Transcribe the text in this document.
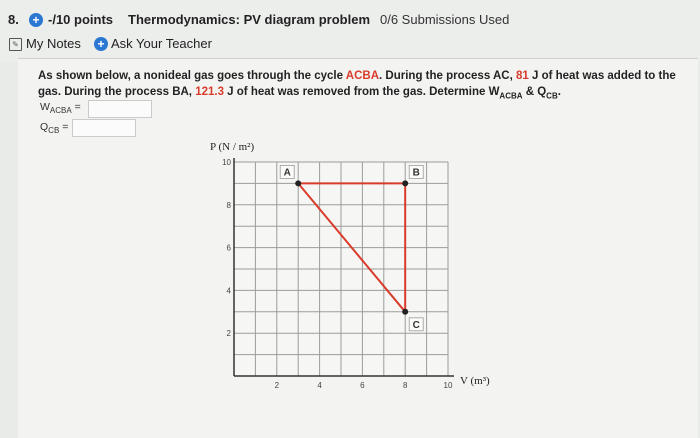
8. + -/10 points Thermodynamics: PV diagram problem 0/6 Submissions Used
✎ My Notes + Ask Your Teacher
As shown below, a nonideal gas goes through the cycle ACBA. During the process AC, 81 J of heat was added to the gas. During the process BA, 121.3 J of heat was removed from the gas. Determine $W_{ACBA}$ & $Q_{CB}$.
$W_{ACBA}$ =
$Q_{CB}$ =
2	4	6	8	10
2
4
6
8
10
A	B
C
P (N / m²)
V (m³)
